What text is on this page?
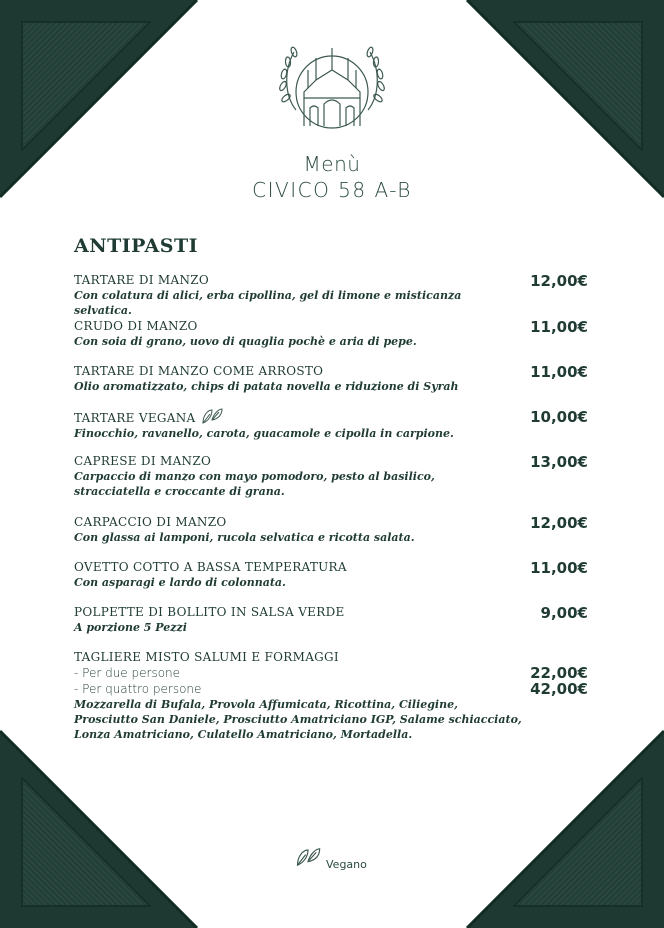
Menù
CIVICO 58 A-B
ANTIPASTI
TARTARE DI MANZO
Con colatura di alici, erba cipollina, gel di limone e misticanza selvatica.
12,00€
CRUDO DI MANZO
Con soia di grano, uovo di quaglia pochè e aria di pepe.
11,00€
TARTARE DI MANZO COME ARROSTO
Olio aromatizzato, chips di patata novella e riduzione di Syrah
11,00€
TARTARE VEGANA
Finocchio, ravanello, carota, guacamole e cipolla in carpione.
10,00€
CAPRESE DI MANZO
Carpaccio di manzo con mayo pomodoro, pesto al basilico, stracciatella e croccante di grana.
13,00€
CARPACCIO DI MANZO
Con glassa ai lamponi, rucola selvatica e ricotta salata.
12,00€
OVETTO COTTO A BASSA TEMPERATURA
Con asparagi e lardo di colonnata.
11,00€
POLPETTE DI BOLLITO IN SALSA VERDE
A porzione 5 Pezzi
9,00€
TAGLIERE MISTO SALUMI E FORMAGGI
- Per due persone
- Per quattro persone
22,00€
42,00€
Mozzarella di Bufala, Provola Affumicata, Ricottina, Ciliegine, Prosciutto San Daniele, Prosciutto Amatriciano IGP, Salame schiacciato, Lonza Amatriciano, Culatello Amatriciano, Mortadella.
Vegano
